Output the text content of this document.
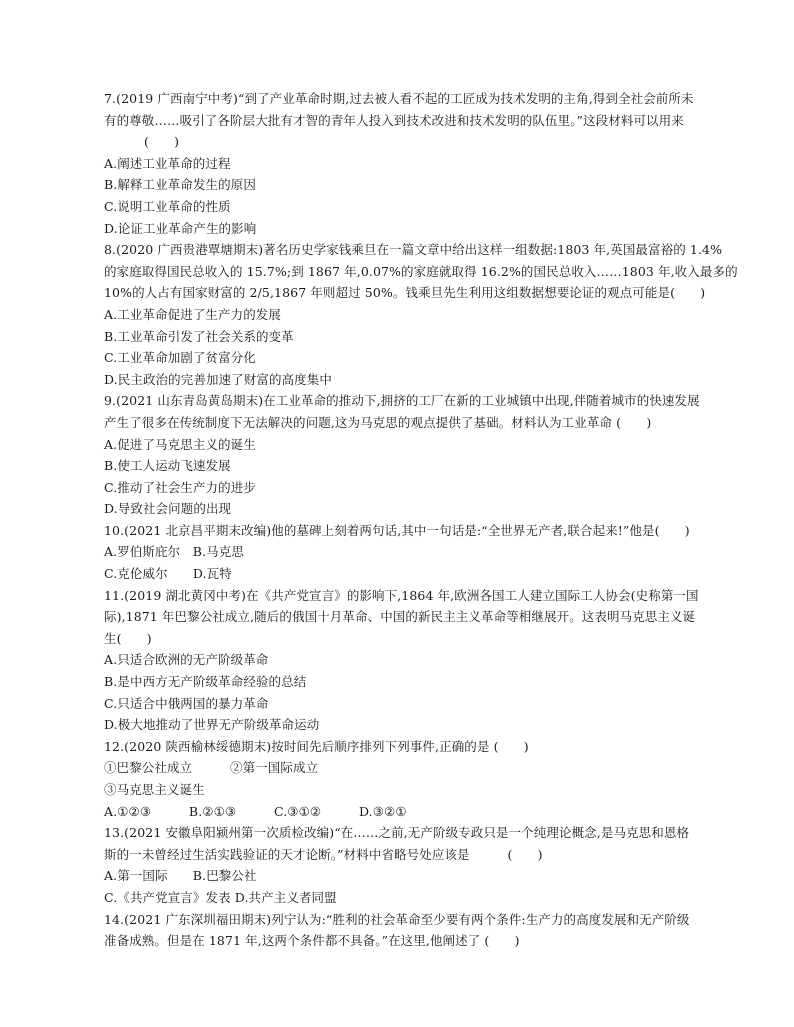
7.(2019 广西南宁中考)“到了产业革命时期,过去被人看不起的工匠成为技术发明的主角,得到全社会前所未
有的尊敬……吸引了各阶层大批有才智的青年人投入到技术改进和技术发明的队伍里。”这段材料可以用来
(　　)
A.阐述工业革命的过程
B.解释工业革命发生的原因
C.说明工业革命的性质
D.论证工业革命产生的影响
8.(2020 广西贵港覃塘期末)著名历史学家钱乘旦在一篇文章中给出这样一组数据:1803 年,英国最富裕的 1.4%
的家庭取得国民总收入的 15.7%;到 1867 年,0.07%的家庭就取得 16.2%的国民总收入……1803 年,收入最多的
10%的人占有国家财富的 2/5,1867 年则超过 50%。钱乘旦先生利用这组数据想要论证的观点可能是(　　)
A.工业革命促进了生产力的发展
B.工业革命引发了社会关系的变革
C.工业革命加剧了贫富分化
D.民主政治的完善加速了财富的高度集中
9.(2021 山东青岛黄岛期末)在工业革命的推动下,拥挤的工厂在新的工业城镇中出现,伴随着城市的快速发展
产生了很多在传统制度下无法解决的问题,这为马克思的观点提供了基础。材料认为工业革命 (　　)
A.促进了马克思主义的诞生
B.使工人运动飞速发展
C.推动了社会生产力的进步
D.导致社会问题的出现
10.(2021 北京昌平期末改编)他的墓碑上刻着两句话,其中一句话是:“全世界无产者,联合起来!”他是(　　)
A.罗伯斯庇尔　B.马克思
C.克伦威尔　　D.瓦特
11.(2019 湖北黄冈中考)在《共产党宣言》的影响下,1864 年,欧洲各国工人建立国际工人协会(史称第一国
际),1871 年巴黎公社成立,随后的俄国十月革命、中国的新民主主义革命等相继展开。这表明马克思主义诞
生(　　)
A.只适合欧洲的无产阶级革命
B.是中西方无产阶级革命经验的总结
C.只适合中俄两国的暴力革命
D.极大地推动了世界无产阶级革命运动
12.(2020 陕西榆林绥德期末)按时间先后顺序排列下列事件,正确的是 (　　)
①巴黎公社成立　　　②第一国际成立
③马克思主义诞生
A.①②③　　　B.②①③　　　C.③①②　　　D.③②①
13.(2021 安徽阜阳颍州第一次质检改编)“在……之前,无产阶级专政只是一个纯理论概念,是马克思和恩格
斯的一未曾经过生活实践验证的天才论断。”材料中省略号处应该是　　　(　　)
A.第一国际　　B.巴黎公社
C.《共产党宣言》发表 D.共产主义者同盟
14.(2021 广东深圳福田期末)列宁认为:“胜利的社会革命至少要有两个条件:生产力的高度发展和无产阶级
准备成熟。但是在 1871 年,这两个条件都不具备。”在这里,他阐述了 (　　)
